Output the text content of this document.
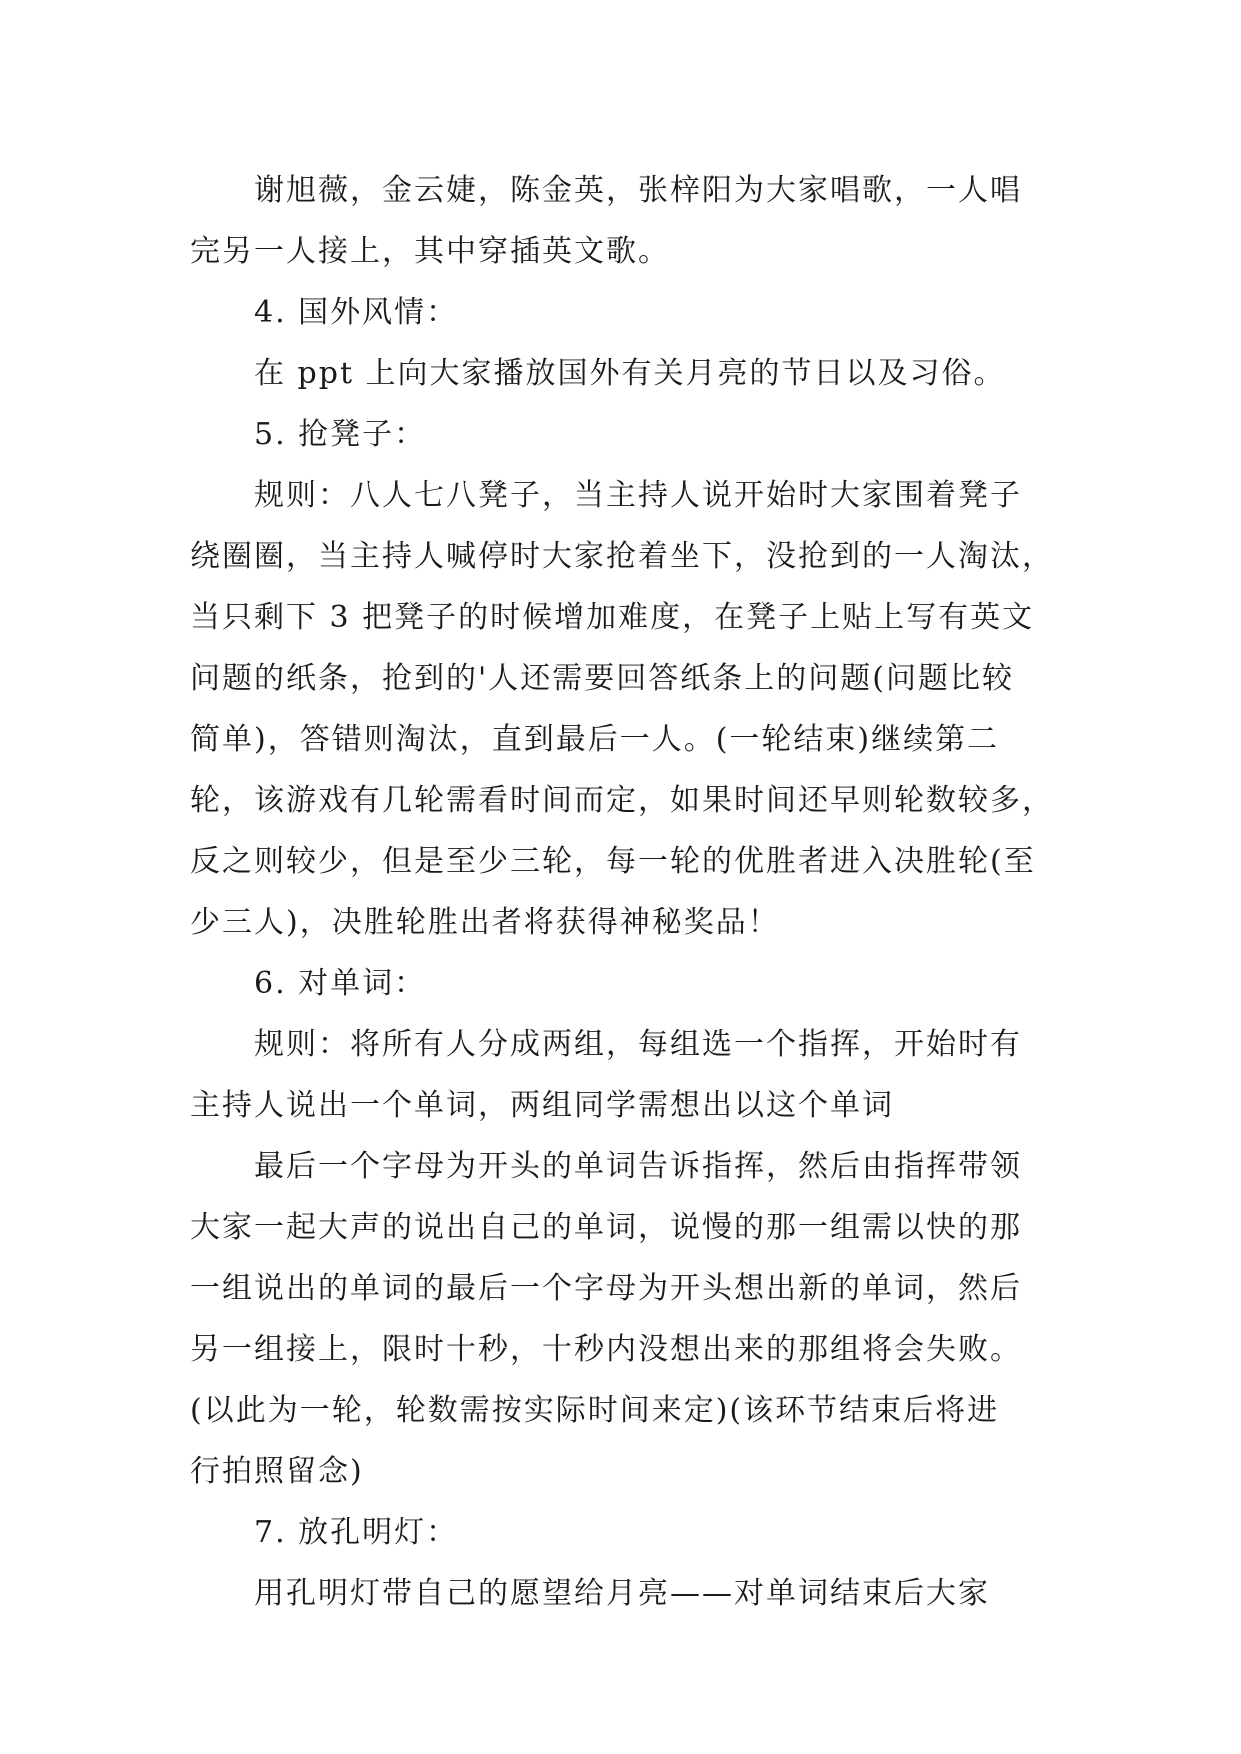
谢旭薇，金云婕，陈金英，张梓阳为大家唱歌，一人唱
完另一人接上，其中穿插英文歌。
4. 国外风情：
在 ppt 上向大家播放国外有关月亮的节日以及习俗。
5. 抢凳子：
规则：八人七八凳子，当主持人说开始时大家围着凳子
绕圈圈，当主持人喊停时大家抢着坐下，没抢到的一人淘汰，
当只剩下 3 把凳子的时候增加难度，在凳子上贴上写有英文
问题的纸条，抢到的'人还需要回答纸条上的问题(问题比较
简单)，答错则淘汰，直到最后一人。(一轮结束)继续第二
轮，该游戏有几轮需看时间而定，如果时间还早则轮数较多，
反之则较少，但是至少三轮，每一轮的优胜者进入决胜轮(至
少三人)，决胜轮胜出者将获得神秘奖品！
6. 对单词：
规则：将所有人分成两组，每组选一个指挥，开始时有
主持人说出一个单词，两组同学需想出以这个单词
最后一个字母为开头的单词告诉指挥，然后由指挥带领
大家一起大声的说出自己的单词，说慢的那一组需以快的那
一组说出的单词的最后一个字母为开头想出新的单词，然后
另一组接上，限时十秒，十秒内没想出来的那组将会失败。
(以此为一轮，轮数需按实际时间来定)(该环节结束后将进
行拍照留念)
7. 放孔明灯：
用孔明灯带自己的愿望给月亮——对单词结束后大家
